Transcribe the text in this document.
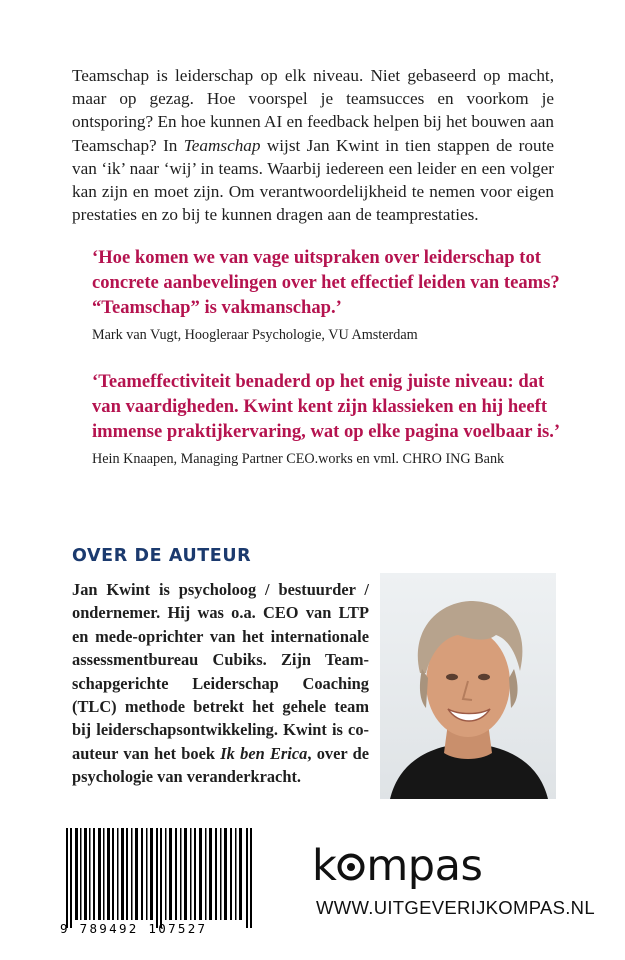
Teamschap is leiderschap op elk niveau. Niet gebaseerd op macht, maar op gezag. Hoe voorspel je teamsucces en voorkom je ontsporing? En hoe kunnen AI en feedback helpen bij het bouwen aan Teamschap? In Teamschap wijst Jan Kwint in tien stappen de route van ‘ik’ naar ‘wij’ in teams. Waarbij iedereen een leider en een volger kan zijn en moet zijn. Om verantwoordelijkheid te nemen voor eigen prestaties en zo bij te kunnen dragen aan de teamprestaties.

‘Hoe komen we van vage uitspraken over leiderschap tot concrete aanbevelingen over het effectief leiden van teams? “Teamschap” is vakmanschap.’

Mark van Vugt, Hoogleraar Psychologie, VU Amsterdam

‘Teameffectiviteit benaderd op het enig juiste niveau: dat van vaardigheden. Kwint kent zijn klassieken en hij heeft immense praktijkervaring, wat op elke pagina voelbaar is.’

Hein Knaapen, Managing Partner CEO.works en vml. CHRO ING Bank

OVER DE AUTEUR

Jan Kwint is psycholoog / bestuurder / ondernemer. Hij was o.a. CEO van LTP en mede-oprichter van het internationale assessmentbureau Cubiks. Zijn Teamschapgerichte Leiderschap Coaching (TLC) methode betrekt het gehele team bij leiderschapsontwikkeling. Kwint is co-auteur van het boek Ik ben Erica, over de psychologie van veranderkracht.

9 789492 107527
k mpas
WWW.UITGEVERIJKOMPAS.NL
